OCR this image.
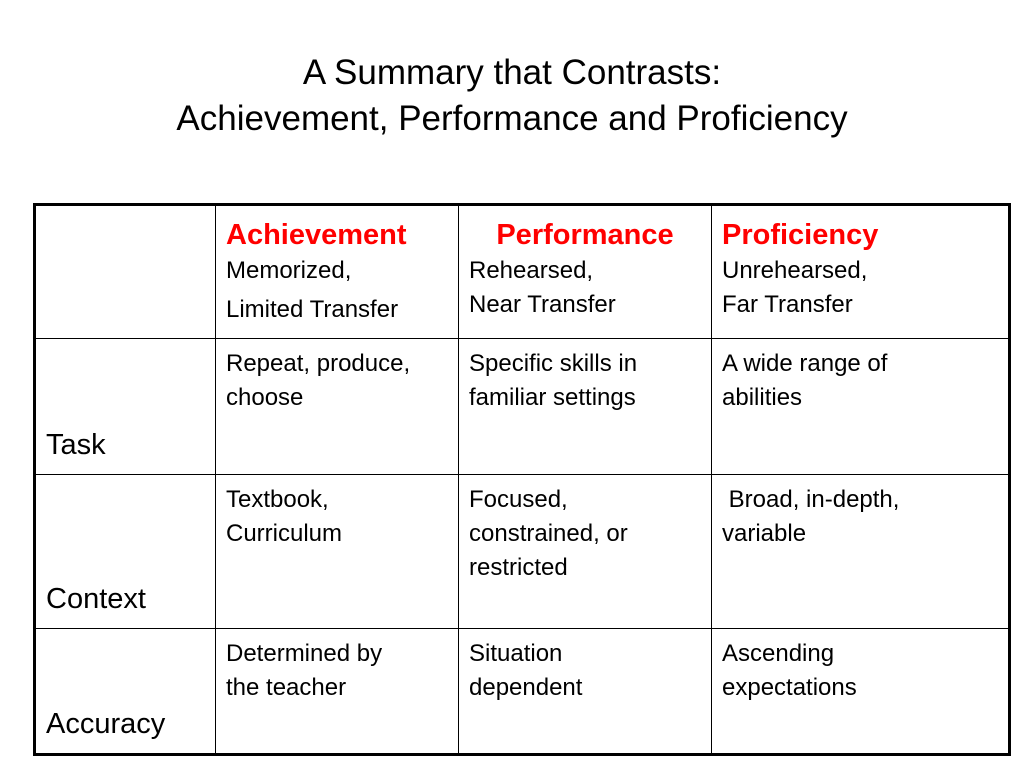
A Summary that Contrasts:
Achievement, Performance and Proficiency

	Achievement
Memorized,
Limited Transfer	Performance
Rehearsed,
Near Transfer	Proficiency
Unrehearsed,
Far Transfer

Task	Repeat, produce,
choose	Specific skills in
familiar settings	A wide range of
abilities

Context	Textbook,
Curriculum	Focused,
constrained, or
restricted	Broad, in-depth,
variable

Accuracy	Determined by
the teacher	Situation
dependent	Ascending
expectations
